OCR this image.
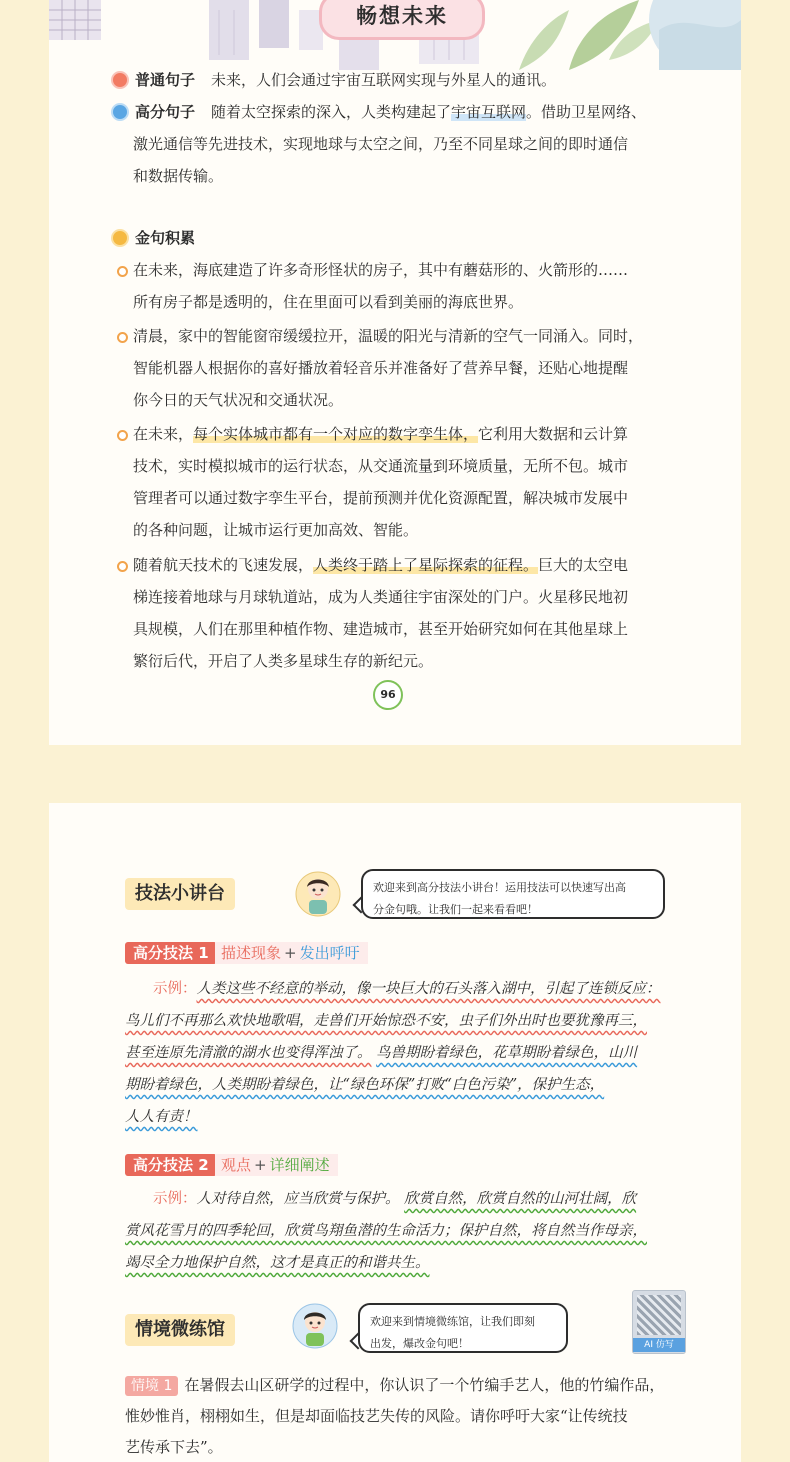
畅想未来
普通句子 未来，人们会通过宇宙互联网实现与外星人的通讯。
高分句子 随着太空探索的深入，人类构建起了宇宙互联网。借助卫星网络、
激光通信等先进技术，实现地球与太空之间，乃至不同星球之间的即时通信
和数据传输。
金句积累
在未来，海底建造了许多奇形怪状的房子，其中有蘑菇形的、火箭形的……
所有房子都是透明的，住在里面可以看到美丽的海底世界。
清晨，家中的智能窗帘缓缓拉开，温暖的阳光与清新的空气一同涌入。同时，
智能机器人根据你的喜好播放着轻音乐并准备好了营养早餐，还贴心地提醒
你今日的天气状况和交通状况。
在未来，每个实体城市都有一个对应的数字孪生体，它利用大数据和云计算
技术，实时模拟城市的运行状态，从交通流量到环境质量，无所不包。城市
管理者可以通过数字孪生平台，提前预测并优化资源配置，解决城市发展中
的各种问题，让城市运行更加高效、智能。
随着航天技术的飞速发展，人类终于踏上了星际探索的征程。巨大的太空电
梯连接着地球与月球轨道站，成为人类通往宇宙深处的门户。火星移民地初
具规模，人们在那里种植作物、建造城市，甚至开始研究如何在其他星球上
繁衍后代，开启了人类多星球生存的新纪元。
96
技法小讲台	欢迎来到高分技法小讲台！运用技法可以快速写出高
分金句哦。让我们一起来看看吧！
高分技法 1 描述现象 + 发出呼吁
示例：人类这些不经意的举动，像一块巨大的石头落入湖中，引起了连锁反应：
鸟儿们不再那么欢快地歌唱，走兽们开始惊恐不安，虫子们外出时也要犹豫再三，
甚至连原先清澈的湖水也变得浑浊了。 鸟兽期盼着绿色，花草期盼着绿色，山川
期盼着绿色，人类期盼着绿色，让“绿色环保”打败“白色污染”，保护生态，
人人有责！
高分技法 2 观点 + 详细阐述
示例：人对待自然，应当欣赏与保护。 欣赏自然，欣赏自然的山河壮阔，欣
赏风花雪月的四季轮回，欣赏鸟翔鱼潜的生命活力；保护自然，将自然当作母亲，
竭尽全力地保护自然，这才是真正的和谐共生。
情境微练馆	欢迎来到情境微练馆，让我们即刻
出发，爆改金句吧！	AI 仿写
情境 1 在暑假去山区研学的过程中，你认识了一个竹编手艺人，他的竹编作品，
惟妙惟肖，栩栩如生，但是却面临技艺失传的风险。请你呼吁大家“让传统技
艺传承下去”。
